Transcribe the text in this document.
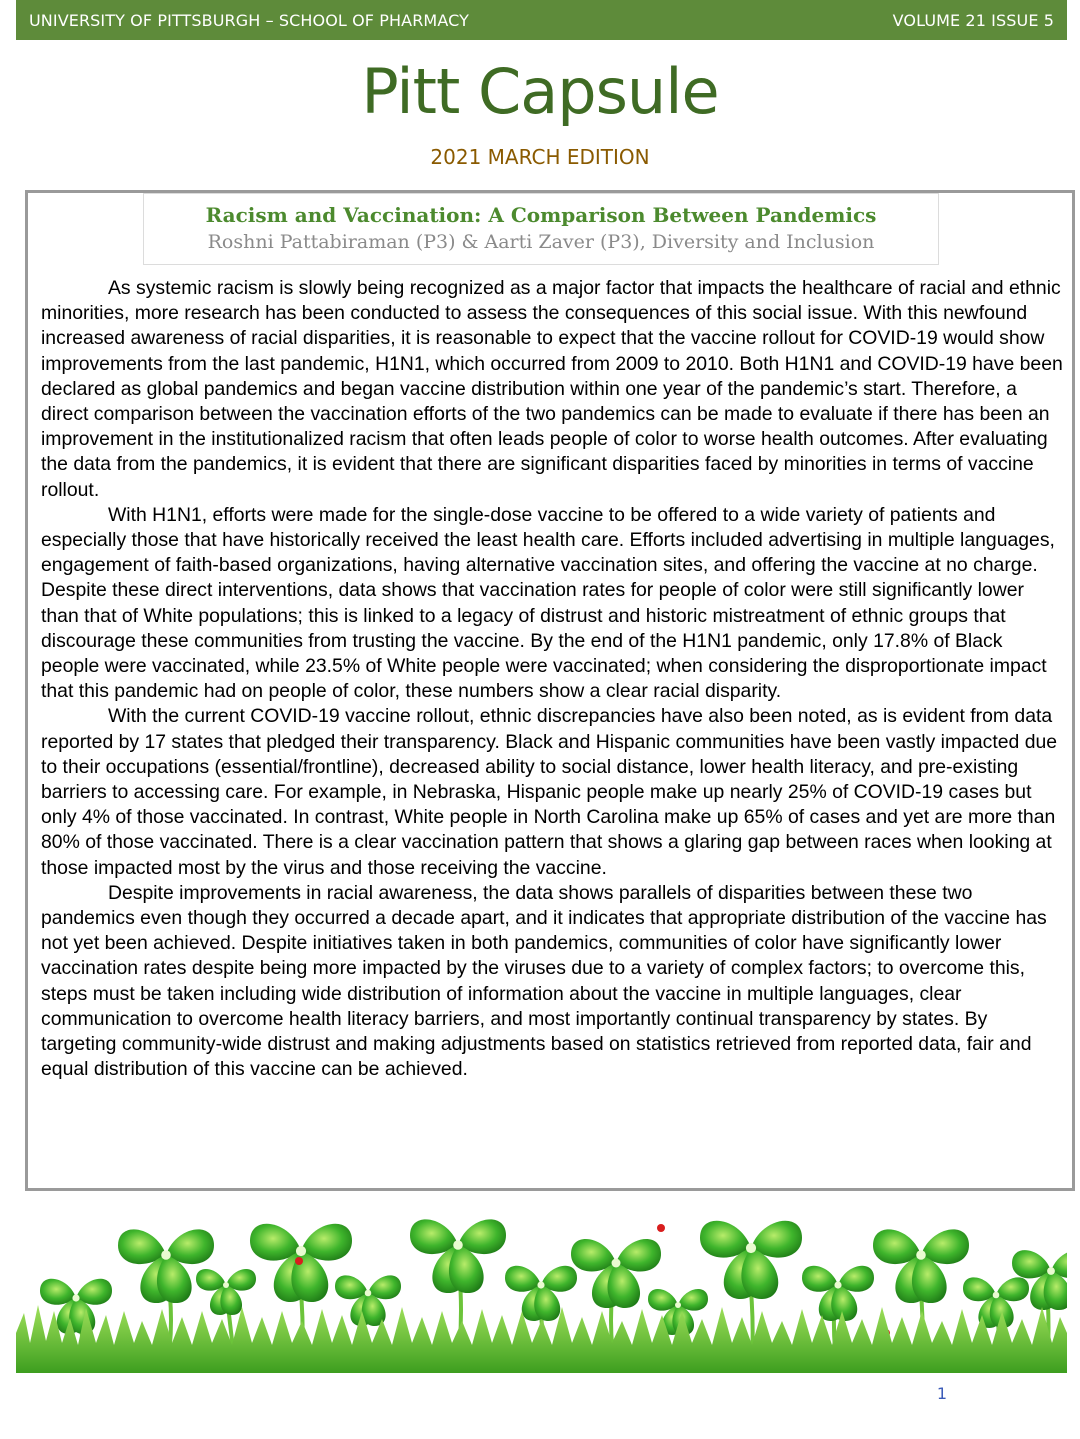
UNIVERSITY OF PITTSBURGH – SCHOOL OF PHARMACY	VOLUME 21 ISSUE 5
Pitt Capsule
2021 MARCH EDITION
Racism and Vaccination: A Comparison Between Pandemics
Roshni Pattabiraman (P3) & Aarti Zaver (P3), Diversity and Inclusion

As systemic racism is slowly being recognized as a major factor that impacts the healthcare of racial and ethnic minorities, more research has been conducted to assess the consequences of this social issue. With this newfound increased awareness of racial disparities, it is reasonable to expect that the vaccine rollout for COVID-19 would show improvements from the last pandemic, H1N1, which occurred from 2009 to 2010. Both H1N1 and COVID-19 have been declared as global pandemics and began vaccine distribution within one year of the pandemic’s start. Therefore, a direct comparison between the vaccination efforts of the two pandemics can be made to evaluate if there has been an improvement in the institutionalized racism that often leads people of color to worse health outcomes. After evaluating the data from the pandemics, it is evident that there are significant disparities faced by minorities in terms of vaccine rollout.

With H1N1, efforts were made for the single-dose vaccine to be offered to a wide variety of patients and especially those that have historically received the least health care. Efforts included advertising in multiple languages, engagement of faith-based organizations, having alternative vaccination sites, and offering the vaccine at no charge. Despite these direct interventions, data shows that vaccination rates for people of color were still significantly lower than that of White populations; this is linked to a legacy of distrust and historic mistreatment of ethnic groups that discourage these communities from trusting the vaccine. By the end of the H1N1 pandemic, only 17.8% of Black people were vaccinated, while 23.5% of White people were vaccinated; when considering the disproportionate impact that this pandemic had on people of color, these numbers show a clear racial disparity.

With the current COVID-19 vaccine rollout, ethnic discrepancies have also been noted, as is evident from data reported by 17 states that pledged their transparency. Black and Hispanic communities have been vastly impacted due to their occupations (essential/frontline), decreased ability to social distance, lower health literacy, and pre-existing barriers to accessing care. For example, in Nebraska, Hispanic people make up nearly 25% of COVID-19 cases but only 4% of those vaccinated. In contrast, White people in North Carolina make up 65% of cases and yet are more than 80% of those vaccinated. There is a clear vaccination pattern that shows a glaring gap between races when looking at those impacted most by the virus and those receiving the vaccine.

Despite improvements in racial awareness, the data shows parallels of disparities between these two pandemics even though they occurred a decade apart, and it indicates that appropriate distribution of the vaccine has not yet been achieved. Despite initiatives taken in both pandemics, communities of color have significantly lower vaccination rates despite being more impacted by the viruses due to a variety of complex factors; to overcome this, steps must be taken including wide distribution of information about the vaccine in multiple languages, clear communication to overcome health literacy barriers, and most importantly continual transparency by states. By targeting community-wide distrust and making adjustments based on statistics retrieved from reported data, fair and equal distribution of this vaccine can be achieved.

1
